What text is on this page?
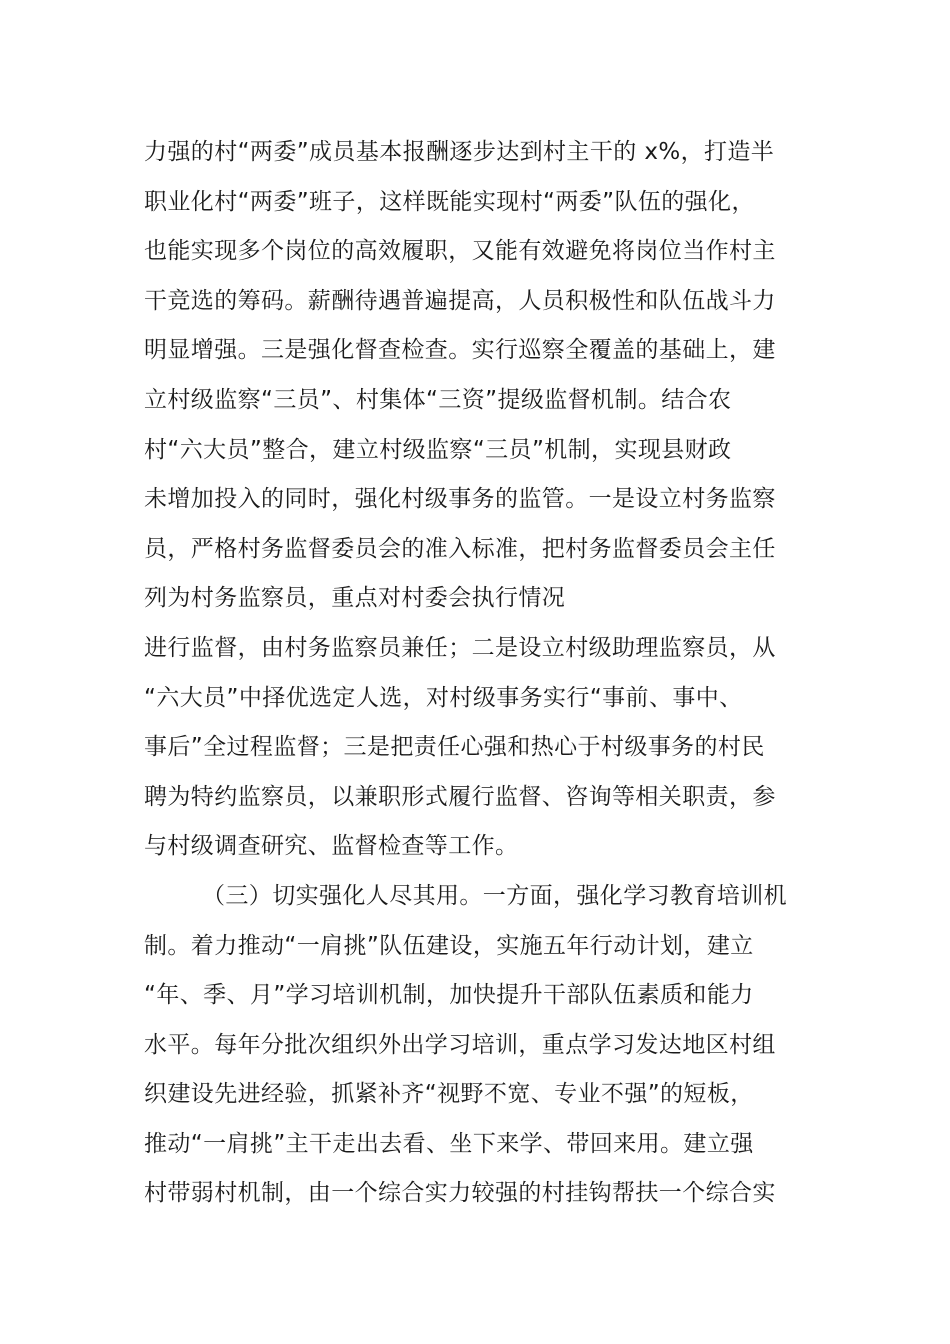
力强的村“两委”成员基本报酬逐步达到村主干的 x%，打造半
职业化村“两委”班子，这样既能实现村“两委”队伍的强化，
也能实现多个岗位的高效履职，又能有效避免将岗位当作村主
干竞选的筹码。薪酬待遇普遍提高，人员积极性和队伍战斗力
明显增强。三是强化督查检查。实行巡察全覆盖的基础上，建
立村级监察“三员”、村集体“三资”提级监督机制。结合农
村“六大员”整合，建立村级监察“三员”机制，实现县财政
未增加投入的同时，强化村级事务的监管。一是设立村务监察
员，严格村务监督委员会的准入标准，把村务监督委员会主任
列为村务监察员，重点对村委会执行情况
进行监督，由村务监察员兼任；二是设立村级助理监察员，从
“六大员”中择优选定人选，对村级事务实行“事前、事中、
事后”全过程监督；三是把责任心强和热心于村级事务的村民
聘为特约监察员，以兼职形式履行监督、咨询等相关职责，参
与村级调查研究、监督检查等工作。
（三）切实强化人尽其用。一方面，强化学习教育培训机
制。着力推动“一肩挑”队伍建设，实施五年行动计划，建立
“年、季、月”学习培训机制，加快提升干部队伍素质和能力
水平。每年分批次组织外出学习培训，重点学习发达地区村组
织建设先进经验，抓紧补齐“视野不宽、专业不强”的短板，
推动“一肩挑”主干走出去看、坐下来学、带回来用。建立强
村带弱村机制，由一个综合实力较强的村挂钩帮扶一个综合实
